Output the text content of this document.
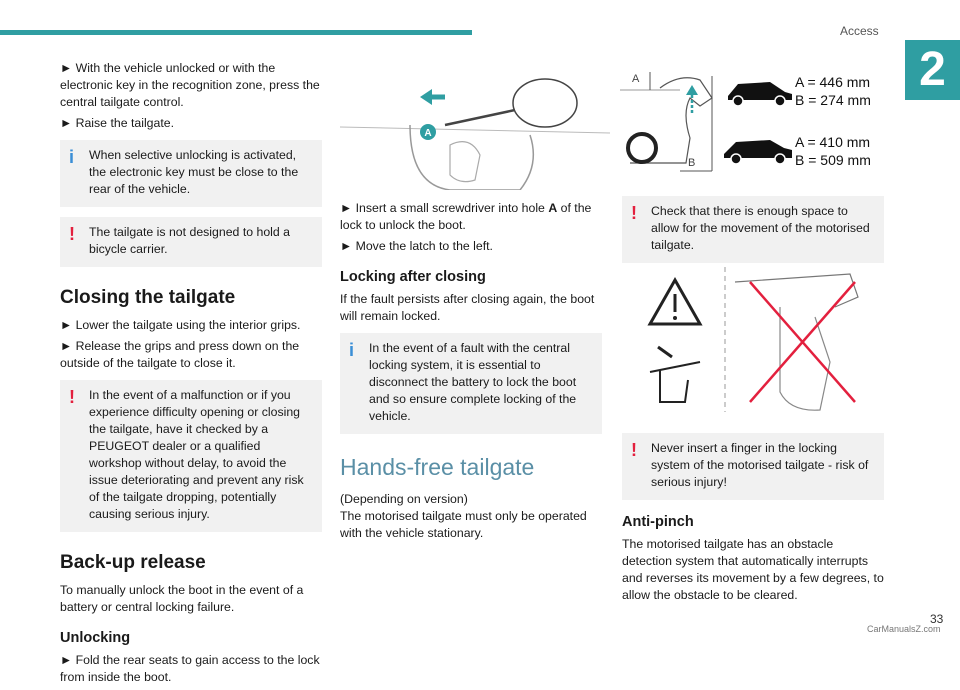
Access
2

► With the vehicle unlocked or with the electronic key in the recognition zone, press the central tailgate control.

► Raise the tailgate.

i When selective unlocking is activated, the electronic key must be close to the rear of the vehicle.
! The tailgate is not designed to hold a bicycle carrier.
Closing the tailgate

► Lower the tailgate using the interior grips.

► Release the grips and press down on the outside of the tailgate to close it.

! In the event of a malfunction or if you experience difficulty opening or closing the tailgate, have it checked by a PEUGEOT dealer or a qualified workshop without delay, to avoid the issue deteriorating and prevent any risk of the tailgate dropping, potentially causing serious injury.
Back-up release

To manually unlock the boot in the event of a battery or central locking failure.

Unlocking

► Fold the rear seats to gain access to the lock from inside the boot.

A

► Insert a small screwdriver into hole A of the lock to unlock the boot.

► Move the latch to the left.

Locking after closing

If the fault persists after closing again, the boot will remain locked.

i In the event of a fault with the central locking system, it is essential to disconnect the battery to lock the boot and so ensure complete locking of the vehicle.
Hands-free tailgate

(Depending on version)

The motorised tailgate must only be operated with the vehicle stationary.

A
B
A = 446 mm
B = 274 mm
A = 410 mm
B = 509 mm
! Check that there is enough space to allow for the movement of the motorised tailgate.
! Never insert a finger in the locking system of the motorised tailgate - risk of serious injury!
Anti-pinch

The motorised tailgate has an obstacle detection system that automatically interrupts and reverses its movement by a few degrees, to allow the obstacle to be cleared.

33
CarManualsZ.com
